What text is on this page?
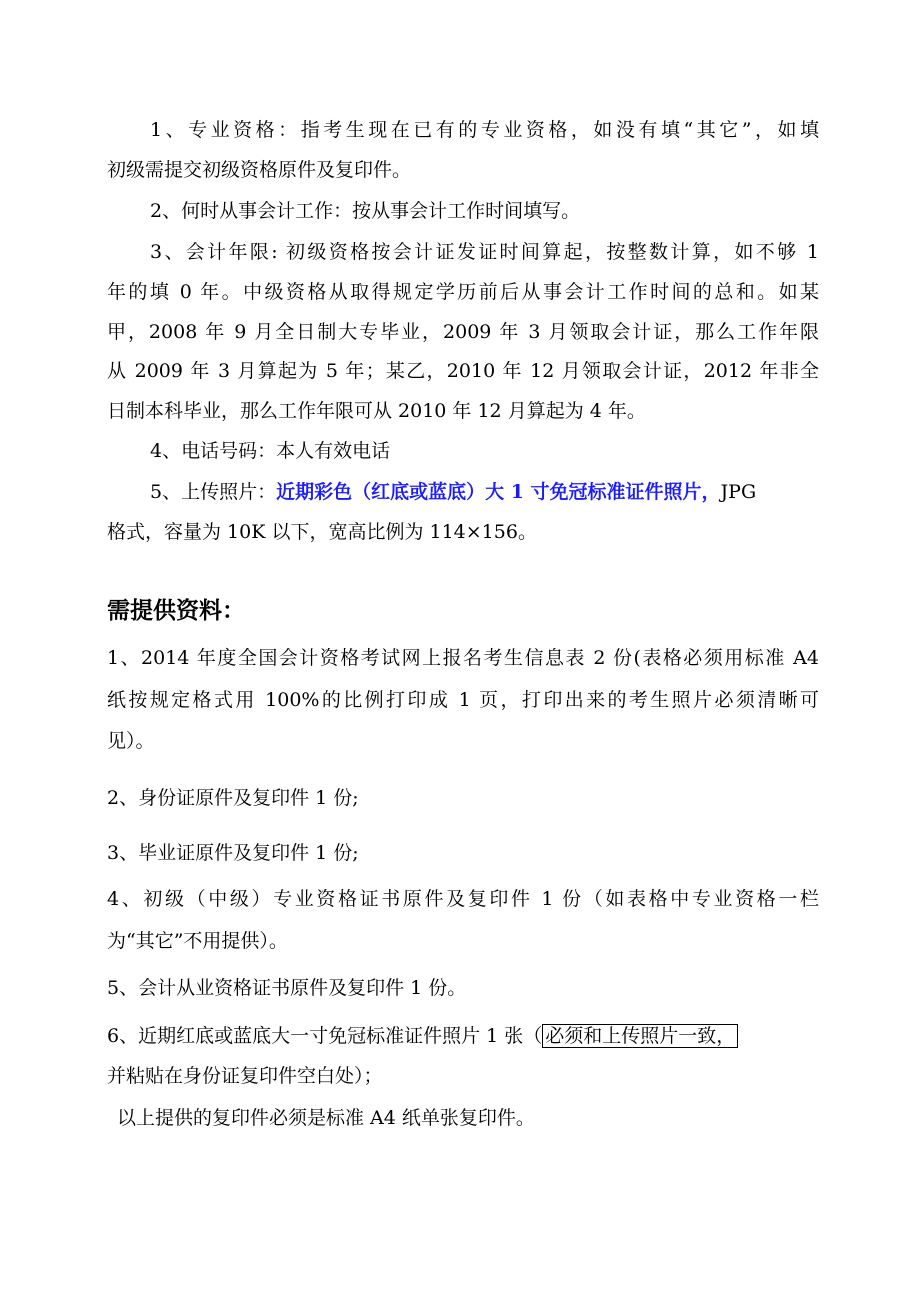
1、专业资格：指考生现在已有的专业资格，如没有填“其它”，如填
初级需提交初级资格原件及复印件。
2、何时从事会计工作：按从事会计工作时间填写。
3、会计年限: 初级资格按会计证发证时间算起，按整数计算，如不够 1
年的填 0 年。中级资格从取得规定学历前后从事会计工作时间的总和。如某
甲，2008 年 9 月全日制大专毕业，2009 年 3 月领取会计证，那么工作年限
从 2009 年 3 月算起为 5 年；某乙，2010 年 12 月领取会计证，2012 年非全
日制本科毕业，那么工作年限可从 2010 年 12 月算起为 4 年。
4、电话号码：本人有效电话
5、上传照片：近期彩色（红底或蓝底）大 1 寸免冠标准证件照片，JPG
格式，容量为 10K 以下，宽高比例为 114×156。
需提供资料：
1、2014 年度全国会计资格考试网上报名考生信息表 2 份(表格必须用标准 A4
纸按规定格式用 100%的比例打印成 1 页，打印出来的考生照片必须清晰可
见）。
2、身份证原件及复印件 1 份;
3、毕业证原件及复印件 1 份;
4、初级（中级）专业资格证书原件及复印件 1 份（如表格中专业资格一栏
为“其它”不用提供）。
5、会计从业资格证书原件及复印件 1 份。
6、近期红底或蓝底大一寸免冠标准证件照片 1 张（ 必须和上传照片一致，
并粘贴在身份证复印件空白处）；
以上提供的复印件必须是标准 A4 纸单张复印件。
